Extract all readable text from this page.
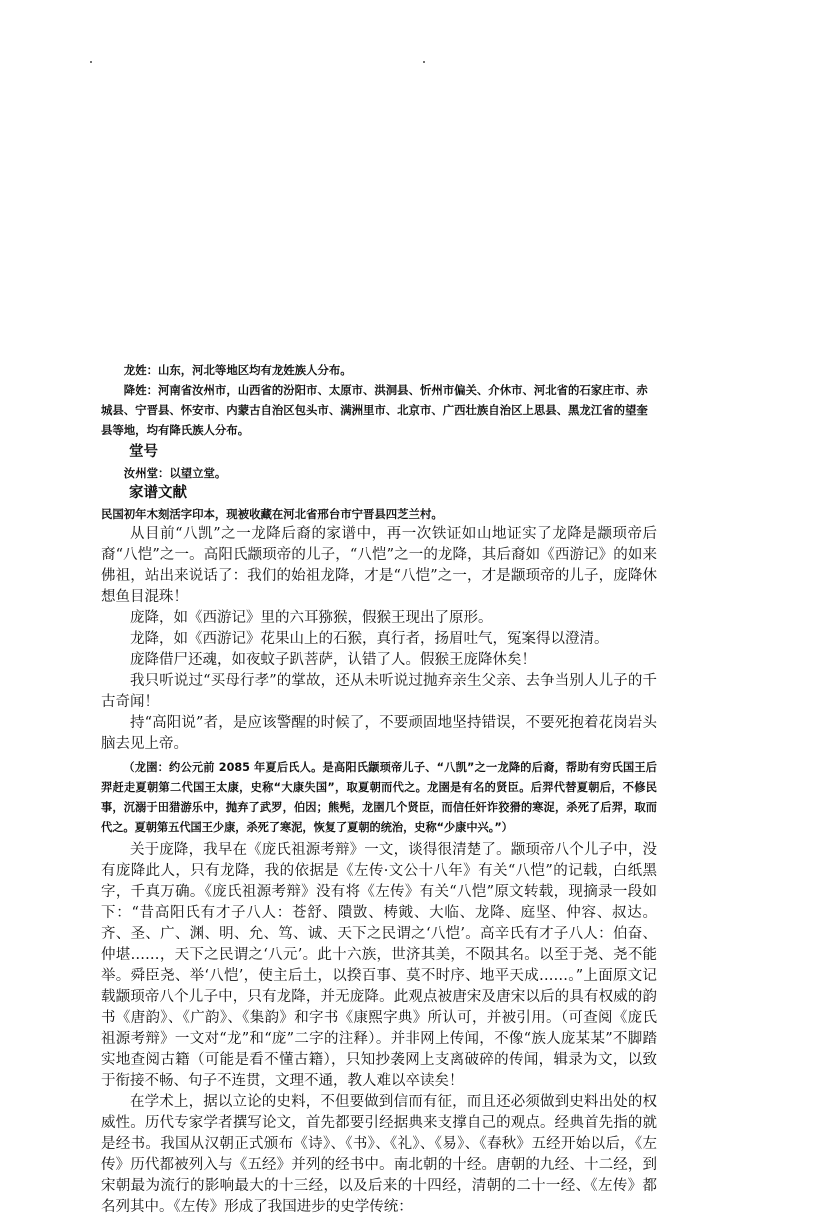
龙姓：山东，河北等地区均有龙姓族人分布。

降姓：河南省汝州市，山西省的汾阳市、太原市、洪洞县、忻州市偏关、介休市、河北省的石家庄市、赤城县、宁晋县、怀安市、内蒙古自治区包头市、满洲里市、北京市、广西壮族自治区上思县、黑龙江省的望奎县等地，均有降氏族人分布。

堂号

汝州堂：以望立堂。

家谱文献

民国初年木刻活字印本，现被收藏在河北省邢台市宁晋县四芝兰村。

从目前“八凯”之一龙降后裔的家谱中，再一次铁证如山地证实了龙降是颛顼帝后裔“八恺”之一。高阳氏颛顼帝的儿子，“八恺”之一的龙降，其后裔如《西游记》的如来佛祖，站出来说话了：我们的始祖龙降，才是“八恺”之一，才是颛顼帝的儿子，庞降休想鱼目混珠！

庞降，如《西游记》里的六耳猕猴，假猴王现出了原形。

龙降，如《西游记》花果山上的石猴，真行者，扬眉吐气，冤案得以澄清。

庞降借尸还魂，如夜蚊子趴菩萨，认错了人。假猴王庞降休矣！

我只听说过“买母行孝”的掌故，还从未听说过抛弃亲生父亲、去争当别人儿子的千古奇闻！

持“高阳说”者，是应该警醒的时候了，不要顽固地坚持错误，不要死抱着花岗岩头脑去见上帝。

（龙圉：约公元前 2085 年夏后氏人。是高阳氏颛顼帝儿子、“八凯”之一龙降的后裔，帮助有穷氏国王后羿赶走夏朝第二代国王太康，史称“大康失国”，取夏朝而代之。龙圉是有名的贤臣。后羿代替夏朝后，不修民事，沉溺于田猎游乐中，抛弃了武罗，伯因；熊髡，龙圉几个贤臣，而信任奸诈狡猾的寒浞，杀死了后羿，取而代之。夏朝第五代国王少康，杀死了寒泥，恢复了夏朝的统治，史称“少康中兴。”）

关于庞降，我早在《庞氏祖源考辩》一文，谈得很清楚了。颛顼帝八个儿子中，没有庞降此人，只有龙降，我的依据是《左传·文公十八年》有关“八恺”的记载，白纸黑字，千真万确。《庞氏祖源考辩》没有将《左传》有关“八恺”原文转载，现摘录一段如下：“昔高阳氏有才子八人：苍舒、隤敳、梼戭、大临、龙降、庭坚、仲容、叔达。齐、圣、广、渊、明、允、笃、诚、天下之民谓之‘八恺’。高辛氏有才子八人：伯奋、仲堪……，天下之民谓之‘八元’。此十六族，世济其美，不陨其名。以至于尧、尧不能举。舜臣尧、举‘八恺’，使主后土，以揆百事、莫不时序、地平天成……。”上面原文记载颛顼帝八个儿子中，只有龙降，并无庞降。此观点被唐宋及唐宋以后的具有权威的韵书《唐韵》、《广韵》、《集韵》和字书《康熙字典》所认可，并被引用。（可查阅《庞氏祖源考辩》一文对“龙”和“庞”二字的注释）。并非网上传闻，不像“族人庞某某”不脚踏实地查阅古籍（可能是看不懂古籍），只知抄袭网上支离破碎的传闻，辑录为文，以致于衔接不畅、句子不连贯，文理不通，教人难以卒读矣！

在学术上，据以立论的史料，不但要做到信而有征，而且还必须做到史料出处的权威性。历代专家学者撰写论文，首先都要引经据典来支撑自己的观点。经典首先指的就是经书。我国从汉朝正式颁布《诗》、《书》、《礼》、《易》、《春秋》五经开始以后，《左传》历代都被列入与《五经》并列的经书中。南北朝的十经。唐朝的九经、十二经，到宋朝最为流行的影响最大的十三经，以及后来的十四经，清朝的二十一经、《左传》都名列其中。《左传》形成了我国进步的史学传统：
